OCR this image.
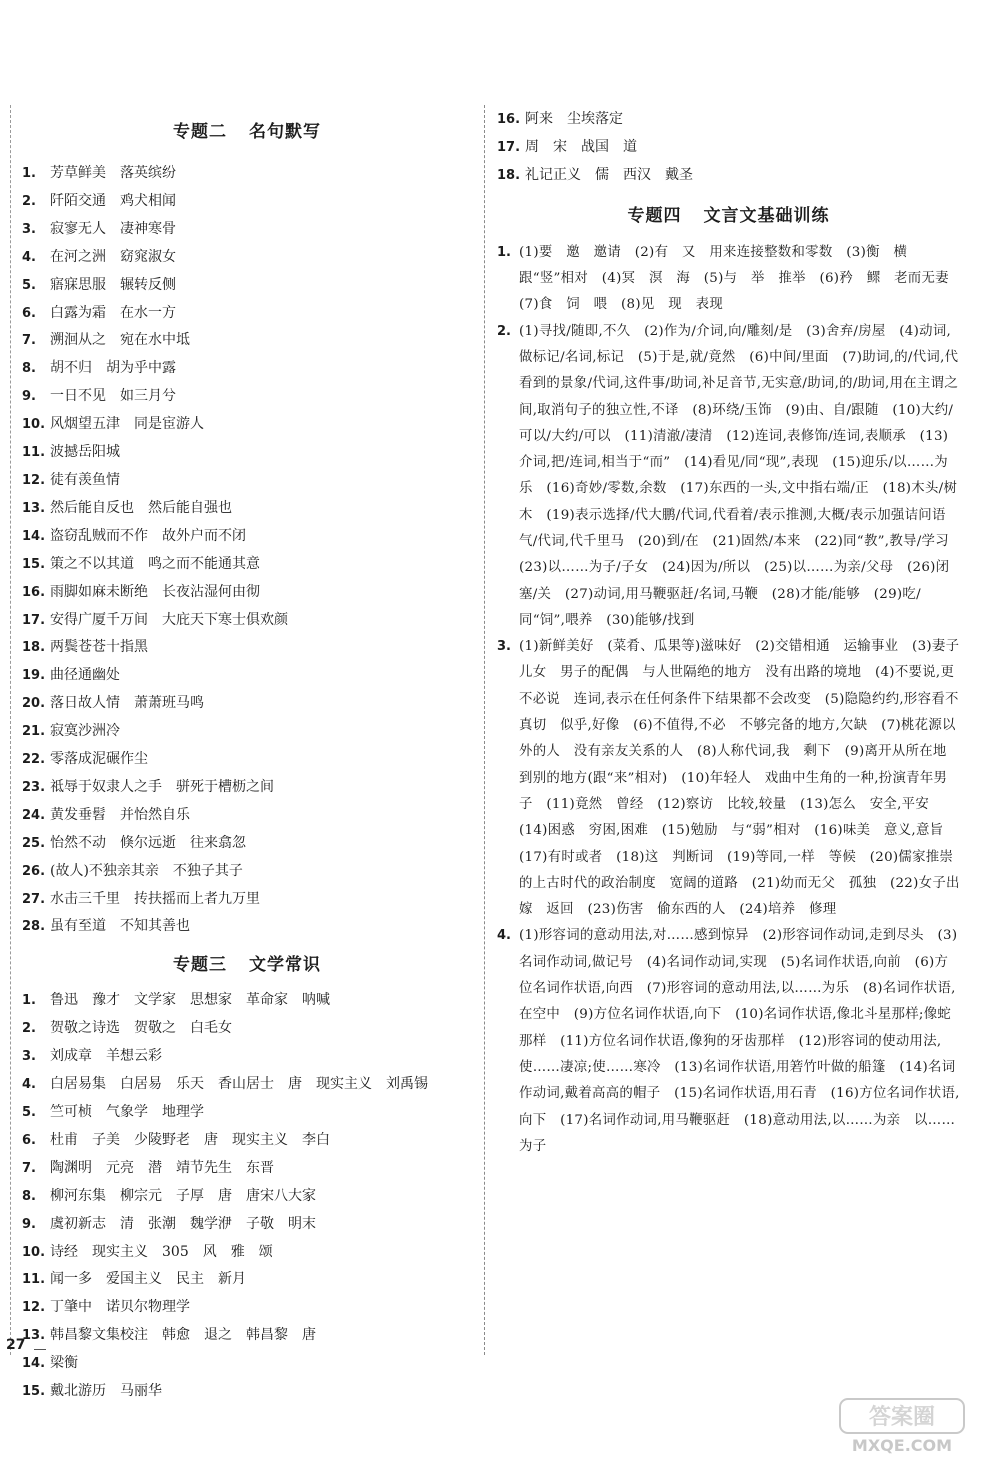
专题二 名句默写
1. 芳草鲜美　落英缤纷
2. 阡陌交通　鸡犬相闻
3. 寂寥无人　凄神寒骨
4. 在河之洲　窈窕淑女
5. 寤寐思服　辗转反侧
6. 白露为霜　在水一方
7. 溯洄从之　宛在水中坻
8. 胡不归　胡为乎中露
9. 一日不见　如三月兮
10. 风烟望五津　同是宦游人
11. 波撼岳阳城
12. 徒有羡鱼情
13. 然后能自反也　然后能自强也
14. 盗窃乱贼而不作　故外户而不闭
15. 策之不以其道　鸣之而不能通其意
16. 雨脚如麻未断绝　长夜沾湿何由彻
17. 安得广厦千万间　大庇天下寒士俱欢颜
18. 两鬓苍苍十指黑
19. 曲径通幽处
20. 落日故人情　萧萧班马鸣
21. 寂寞沙洲冷
22. 零落成泥碾作尘
23. 祗辱于奴隶人之手　骈死于槽枥之间
24. 黄发垂髫　并怡然自乐
25. 怡然不动　倏尔远逝　往来翕忽
26. (故人)不独亲其亲　不独子其子
27. 水击三千里　抟扶摇而上者九万里
28. 虽有至道　不知其善也
专题三 文学常识
1. 鲁迅　豫才　文学家　思想家　革命家　呐喊
2. 贺敬之诗选　贺敬之　白毛女
3. 刘成章　羊想云彩
4. 白居易集　白居易　乐天　香山居士　唐　现实主义　刘禹锡
5. 竺可桢　气象学　地理学
6. 杜甫　子美　少陵野老　唐　现实主义　李白
7. 陶渊明　元亮　潜　靖节先生　东晋
8. 柳河东集　柳宗元　子厚　唐　唐宋八大家
9. 虞初新志　清　张潮　魏学洢　子敬　明末
10. 诗经　现实主义　305　风　雅　颂
11. 闻一多　爱国主义　民主　新月
12. 丁肇中　诺贝尔物理学
13. 韩昌黎文集校注　韩愈　退之　韩昌黎　唐
14. 梁衡
15. 戴北游历　马丽华
16. 阿来　尘埃落定
17. 周　宋　战国　道
18. 礼记正义　儒　西汉　戴圣
专题四 文言文基础训练
1. (1)要　邀　邀请　(2)有　又　用来连接整数和零数　(3)衡　横　跟“竖”相对　(4)冥　溟　海　(5)与　举　推举　(6)矜　鳏　老而无妻　(7)食　饲　喂　(8)见　现　表现
2. (1)寻找/随即,不久　(2)作为/介词,向/雕刻/是　(3)舍弃/房屋　(4)动词,做标记/名词,标记　(5)于是,就/竟然　(6)中间/里面　(7)助词,的/代词,代看到的景象/代词,这件事/助词,补足音节,无实意/助词,的/助词,用在主谓之间,取消句子的独立性,不译　(8)环绕/玉饰　(9)由、自/跟随　(10)大约/可以/大约/可以　(11)清澈/凄清　(12)连词,表修饰/连词,表顺承　(13)介词,把/连词,相当于“而”　(14)看见/同“现”,表现　(15)迎乐/以……为乐　(16)奇妙/零数,余数　(17)东西的一头,文中指右端/正　(18)木头/树木　(19)表示选择/代大鹏/代词,代看着/表示推测,大概/表示加强诘问语气/代词,代千里马　(20)到/在　(21)固然/本来　(22)同“教”,教导/学习　(23)以……为子/子女　(24)因为/所以　(25)以……为亲/父母　(26)闭塞/关　(27)动词,用马鞭驱赶/名词,马鞭　(28)才能/能够　(29)吃/同“饲”,喂养　(30)能够/找到
3. (1)新鲜美好　(菜肴、瓜果等)滋味好　(2)交错相通　运输事业　(3)妻子儿女　男子的配偶　与人世隔绝的地方　没有出路的境地　(4)不要说,更不必说　连词,表示在任何条件下结果都不会改变　(5)隐隐约约,形容看不真切　似乎,好像　(6)不值得,不必　不够完备的地方,欠缺　(7)桃花源以外的人　没有亲友关系的人　(8)人称代词,我　剩下　(9)离开从所在地到别的地方(跟“来”相对)　(10)年轻人　戏曲中生角的一种,扮演青年男子　(11)竟然　曾经　(12)察访　比较,较量　(13)怎么　安全,平安　(14)困惑　穷困,困难　(15)勉励　与“弱”相对　(16)味美　意义,意旨　(17)有时或者　(18)这　判断词　(19)等同,一样　等候　(20)儒家推崇的上古时代的政治制度　宽阔的道路　(21)幼而无父　孤独　(22)女子出嫁　返回　(23)伤害　偷东西的人　(24)培养　修理
4. (1)形容词的意动用法,对……感到惊异　(2)形容词作动词,走到尽头　(3)名词作动词,做记号　(4)名词作动词,实现　(5)名词作状语,向前　(6)方位名词作状语,向西　(7)形容词的意动用法,以……为乐　(8)名词作状语,在空中　(9)方位名词作状语,向下　(10)名词作状语,像北斗星那样;像蛇那样　(11)方位名词作状语,像狗的牙齿那样　(12)形容词的使动用法,使……凄凉;使……寒冷　(13)名词作状语,用箬竹叶做的船篷　(14)名词作动词,戴着高高的帽子　(15)名词作状语,用石青　(16)方位名词作状语,向下　(17)名词作动词,用马鞭驱赶　(18)意动用法,以……为亲　以……为子
27
答案圈
MXQE.COM
